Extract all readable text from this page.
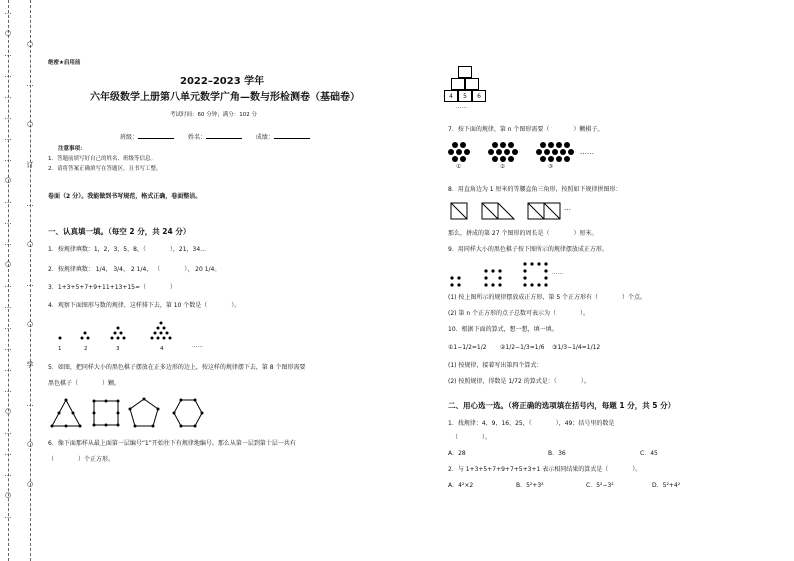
…
○
…
…
…
…
…
…
○
…
…
…
○
…
…
…
…
…
…
○
…
…
…
○
…
○
…
○
订
…
○
…
○
学
…
○
○
绝密★启用前
2022–2023 学年
六年级数学上册第八单元数学广角—数与形检测卷（基础卷）
考试时间：60 分钟；满分：102 分
班级：	姓名：	成绩：
注意事项：
1．答题前填写好自己的姓名、班级等信息。
2．请将答案正确填写在答题区，且书写工整。
卷面（2 分）。我能做到书写规范，格式正确，卷面整洁。
一、认真填一填。（每空 2 分，共 24 分）
1．按规律填数：1，2，3，5，8，（　　　　），21，34…
2．按规律填数： 1/4， 3/4， 2 1/4， （　　　　）， 20 1/4。
3．1+3+5+7+9+11+13+15=（　　　　）
4．观察下面图形与数的规律，这样排下去，第 10 个数是（　　　　）。
1	2	3	4	……
5．如图，把同样大小的黑色棋子摆放在正多边形的边上，按这样的规律摆下去，第 8 个图形需要
黑色棋子（　　　　）颗。
6．像下面那样从最上面第一层编号“1”开始往下有规律地编号。那么从第一层到第十层一共有
（　　　　）个正方形。
4	5	6
……
7．按下面的规律，第 n 个图形需要（　　　　）颗棋子。
①	②	③
……
8．用直角边为 1 厘米的等腰直角三角形，按照如下规律拼图形：
…
那么，拼成的第 27 个图形的周长是（　　　　）厘米。
9．用同样大小的黑色棋子按下图所示的规律摆放成正方形。
……
(1) 按上图所示的规律摆放成正方形，第 5 个正方形有（　　　　）个点。
(2) 第 n 个正方形的点子总数可表示为（　　　　）。
10．根据下面的算式，想一想，填一填。
①1−1/2=1/2 ②1/2−1/3=1/6 ③1/3−1/4=1/12
(1) 按规律，接着写出第四个算式：
(2) 按照规律，得数是 1/72 的算式是：（　　　　）。
二、用心选一选。（将正确的选项填在括号内，每题 1 分，共 5 分）
1．找规律：4，9，16，25，（　　　　），49；括号里的数是
（　　　　）。
A．28	B．36	C．45
2．与 1+3+5+7+9+7+5+3+1 表示相同结果的算式是（　　　　）。
A．4²×2	B．5²+3²	C．5²−3²	D．5²+4²
